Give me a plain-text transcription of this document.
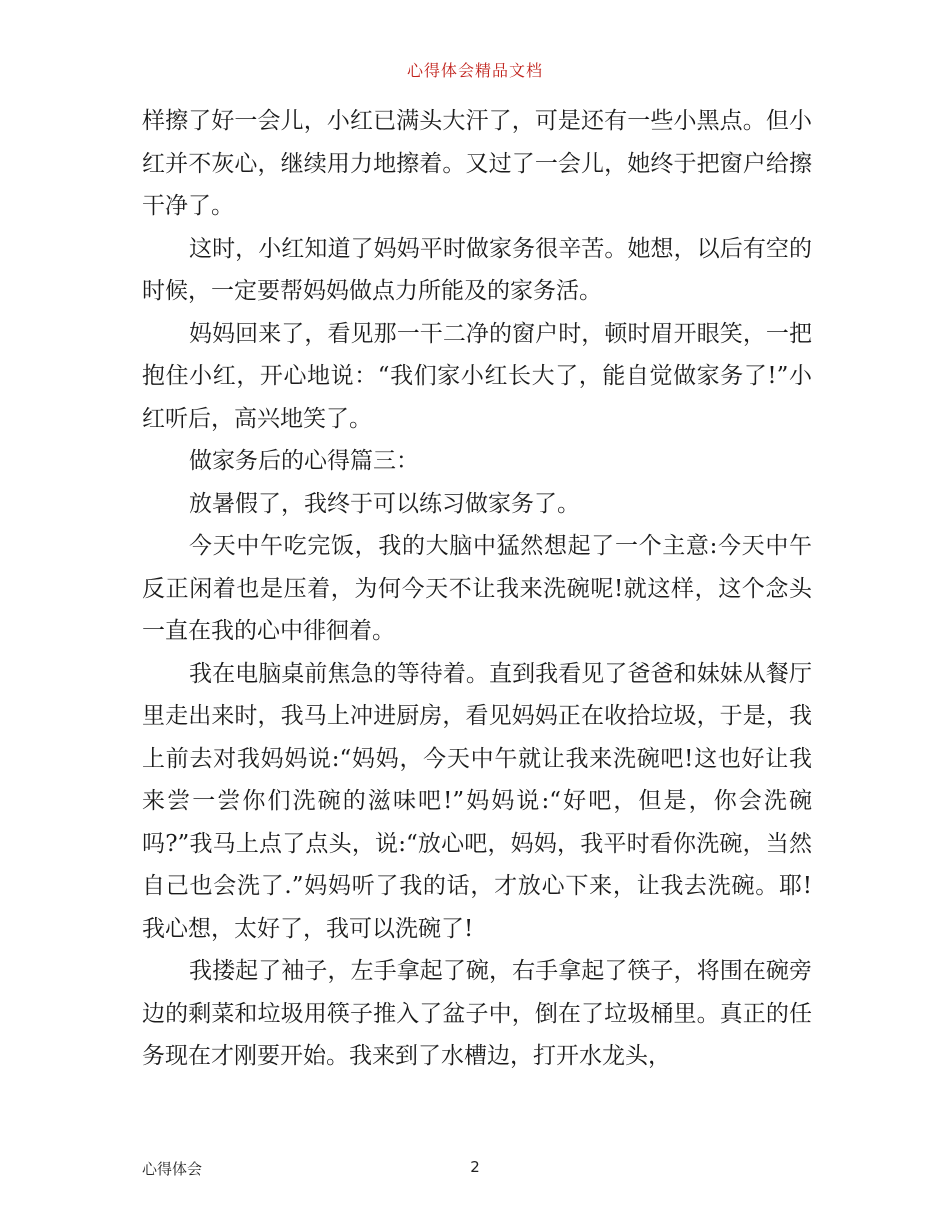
心得体会精品文档

样擦了好一会儿，小红已满头大汗了，可是还有一些小黑点。但小红并不灰心，继续用力地擦着。又过了一会儿，她终于把窗户给擦干净了。

这时，小红知道了妈妈平时做家务很辛苦。她想，以后有空的时候，一定要帮妈妈做点力所能及的家务活。

妈妈回来了，看见那一干二净的窗户时，顿时眉开眼笑，一把抱住小红，开心地说：“我们家小红长大了，能自觉做家务了!”小红听后，高兴地笑了。

做家务后的心得篇三：

放暑假了，我终于可以练习做家务了。

今天中午吃完饭，我的大脑中猛然想起了一个主意:今天中午反正闲着也是压着，为何今天不让我来洗碗呢!就这样，这个念头一直在我的心中徘徊着。

我在电脑桌前焦急的等待着。直到我看见了爸爸和妹妹从餐厅里走出来时，我马上冲进厨房，看见妈妈正在收拾垃圾，于是，我上前去对我妈妈说:“妈妈，今天中午就让我来洗碗吧!这也好让我来尝一尝你们洗碗的滋味吧!”妈妈说:“好吧，但是，你会洗碗吗?”我马上点了点头，说:“放心吧，妈妈，我平时看你洗碗，当然自己也会洗了.”妈妈听了我的话，才放心下来，让我去洗碗。耶!我心想，太好了，我可以洗碗了!

我搂起了袖子，左手拿起了碗，右手拿起了筷子，将围在碗旁边的剩菜和垃圾用筷子推入了盆子中，倒在了垃圾桶里。真正的任务现在才刚要开始。我来到了水槽边，打开水龙头，

心得体会	2
